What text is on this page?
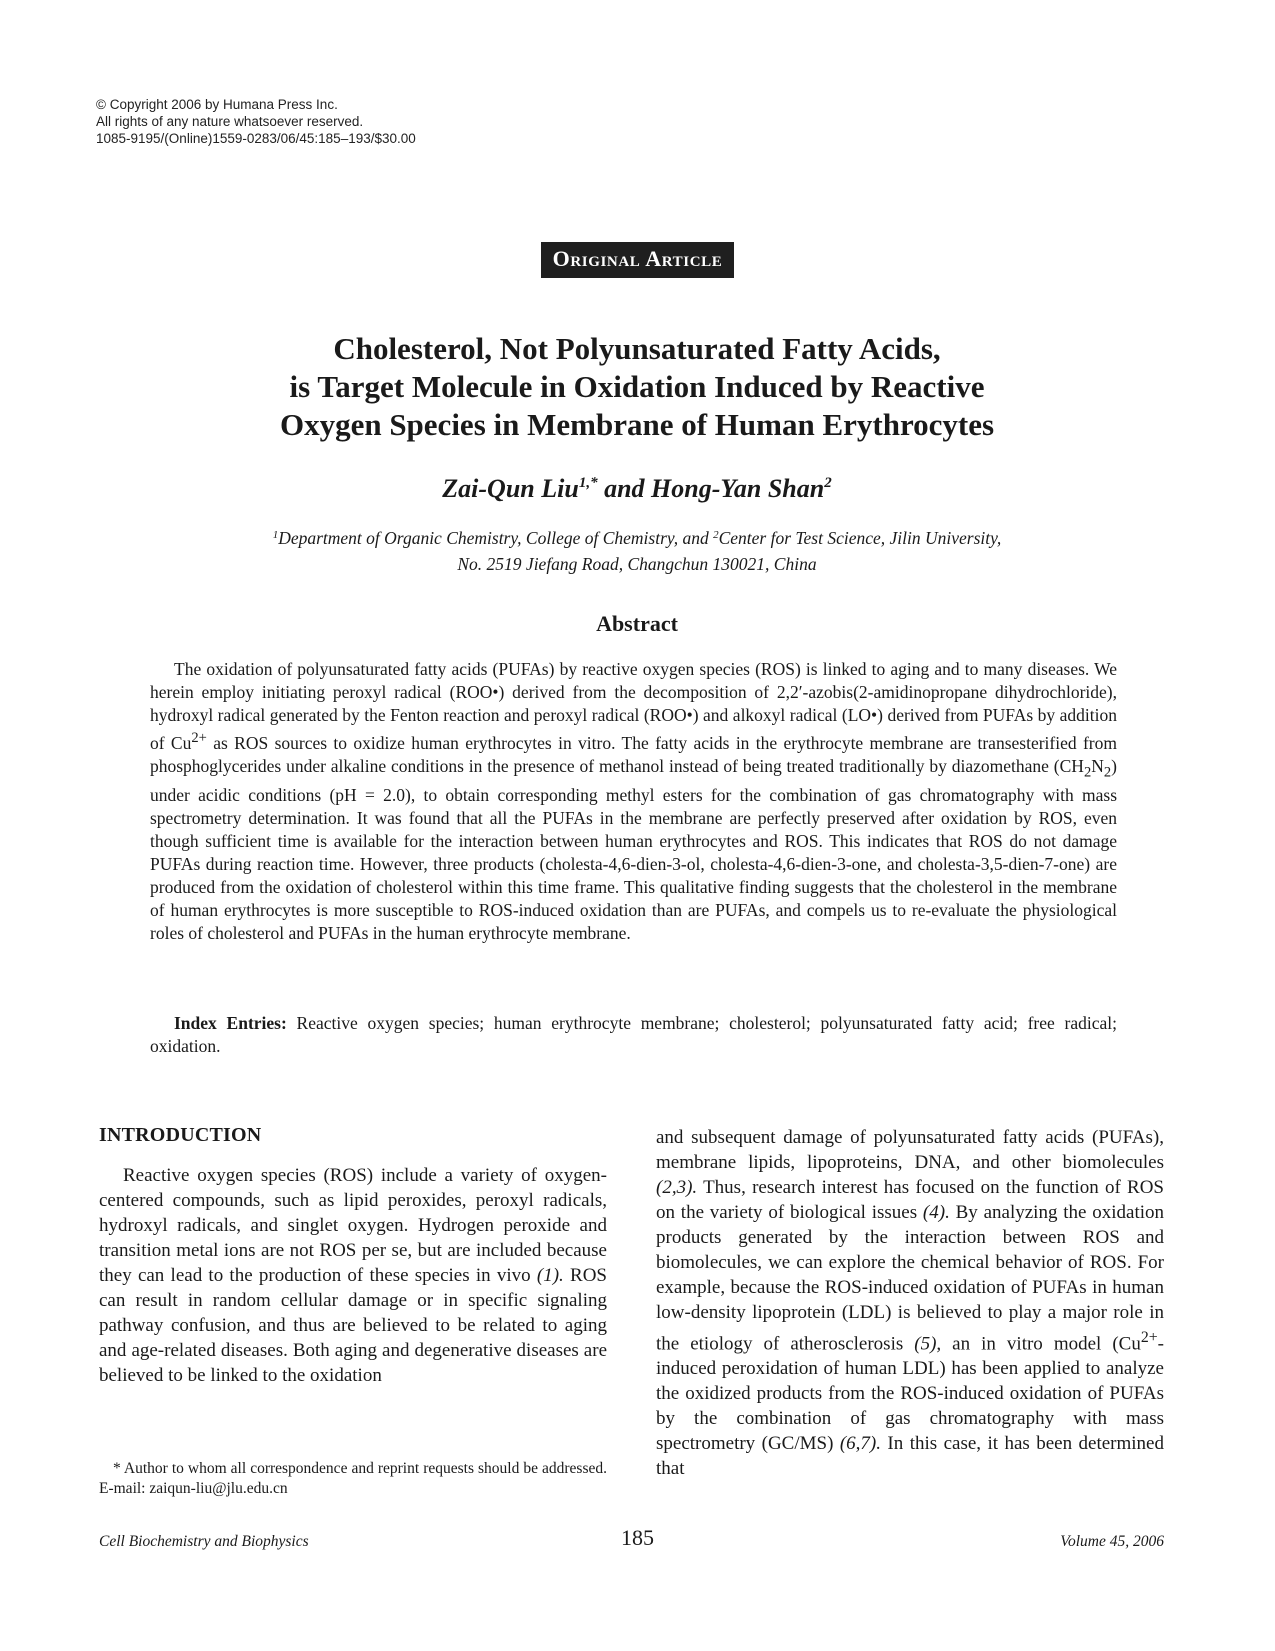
© Copyright 2006 by Humana Press Inc.
All rights of any nature whatsoever reserved.
1085-9195/(Online)1559-0283/06/45:185–193/$30.00
Original Article
Cholesterol, Not Polyunsaturated Fatty Acids,
is Target Molecule in Oxidation Induced by Reactive
Oxygen Species in Membrane of Human Erythrocytes
Zai-Qun Liu$^{1,*}$ and Hong-Yan Shan$^2$
$^1$Department of Organic Chemistry, College of Chemistry, and $^2$Center for Test Science, Jilin University,
No. 2519 Jiefang Road, Changchun 130021, China
Abstract

The oxidation of polyunsaturated fatty acids (PUFAs) by reactive oxygen species (ROS) is linked to aging and to many diseases. We herein employ initiating peroxyl radical (ROO•) derived from the decomposition of 2,2′-azobis(2-amidinopropane dihydrochloride), hydroxyl radical generated by the Fenton reaction and peroxyl radical (ROO•) and alkoxyl radical (LO•) derived from PUFAs by addition of $Cu^{2+}$ as ROS sources to oxidize human erythrocytes in vitro. The fatty acids in the erythrocyte membrane are transesterified from phosphoglycerides under alkaline conditions in the presence of methanol instead of being treated traditionally by diazomethane $(CH_2N_2)$ under acidic conditions (pH = 2.0), to obtain corresponding methyl esters for the combination of gas chromatography with mass spectrometry determination. It was found that all the PUFAs in the membrane are perfectly preserved after oxidation by ROS, even though sufficient time is available for the interaction between human erythrocytes and ROS. This indicates that ROS do not damage PUFAs during reaction time. However, three products (cholesta-4,6-dien-3-ol, cholesta-4,6-dien-3-one, and cholesta-3,5-dien-7-one) are produced from the oxidation of cholesterol within this time frame. This qualitative finding suggests that the cholesterol in the membrane of human erythrocytes is more susceptible to ROS-induced oxidation than are PUFAs, and compels us to re-evaluate the physiological roles of cholesterol and PUFAs in the human erythrocyte membrane.

Index Entries: Reactive oxygen species; human erythrocyte membrane; cholesterol; polyunsaturated fatty acid; free radical; oxidation.

INTRODUCTION

Reactive oxygen species (ROS) include a variety of oxygen-centered compounds, such as lipid peroxides, peroxyl radicals, hydroxyl radicals, and singlet oxygen. Hydrogen peroxide and transition metal ions are not ROS per se, but are included because they can lead to the production of these species in vivo (1). ROS can result in random cellular damage or in specific signaling pathway confusion, and thus are believed to be related to aging and age-related diseases. Both aging and degenerative diseases are believed to be linked to the oxidation

and subsequent damage of polyunsaturated fatty acids (PUFAs), membrane lipids, lipoproteins, DNA, and other biomolecules (2,3). Thus, research interest has focused on the function of ROS on the variety of biological issues (4). By analyzing the oxidation products generated by the interaction between ROS and biomolecules, we can explore the chemical behavior of ROS. For example, because the ROS-induced oxidation of PUFAs in human low-density lipoprotein (LDL) is believed to play a major role in the etiology of atherosclerosis (5), an in vitro model ($Cu^{2+}$-induced peroxidation of human LDL) has been applied to analyze the oxidized products from the ROS-induced oxidation of PUFAs by the combination of gas chromatography with mass spectrometry (GC/MS) (6,7). In this case, it has been determined that

* Author to whom all correspondence and reprint requests should be addressed. E-mail: zaiqun-liu@jlu.edu.cn

Cell Biochemistry and Biophysics	185	Volume 45, 2006
